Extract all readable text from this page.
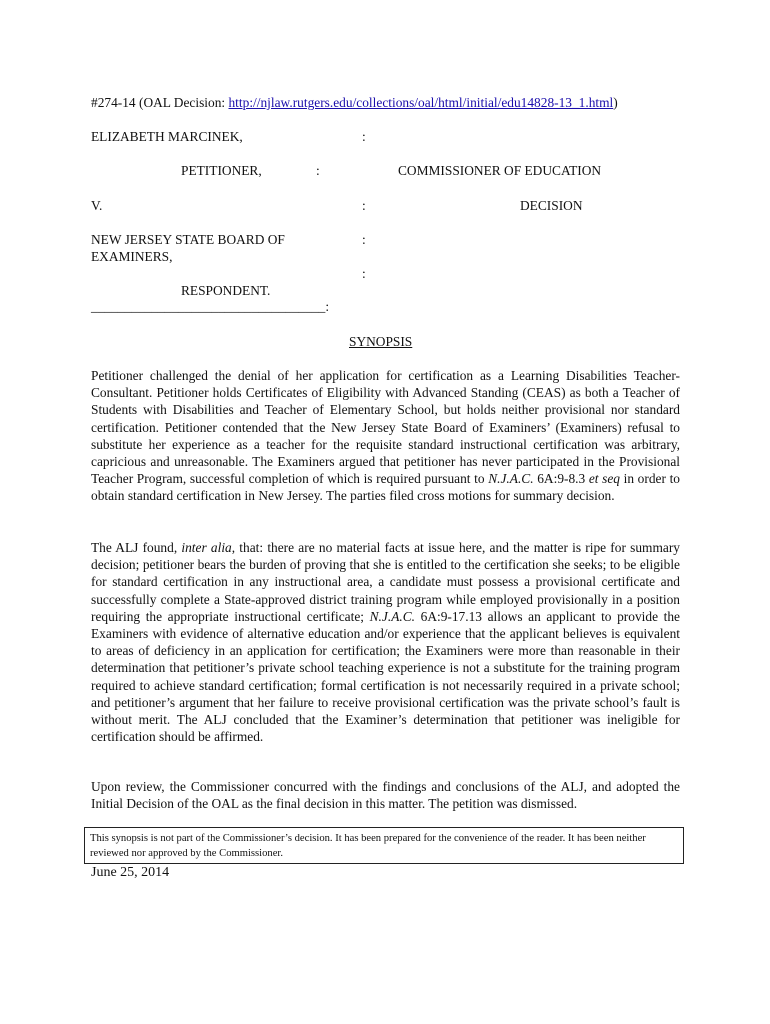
#274-14 (OAL Decision: http://njlaw.rutgers.edu/collections/oal/html/initial/edu14828-13_1.html)
ELIZABETH MARCINEK,	:
PETITIONER,	:	COMMISSIONER OF EDUCATION
V.	:	DECISION
NEW JERSEY STATE BOARD OF	:
EXAMINERS,
:
RESPONDENT.
___________________________________:
SYNOPSIS
Petitioner challenged the denial of her application for certification as a Learning Disabilities Teacher-Consultant. Petitioner holds Certificates of Eligibility with Advanced Standing (CEAS) as both a Teacher of Students with Disabilities and Teacher of Elementary School, but holds neither provisional nor standard certification. Petitioner contended that the New Jersey State Board of Examiners’ (Examiners) refusal to substitute her experience as a teacher for the requisite standard instructional certification was arbitrary, capricious and unreasonable. The Examiners argued that petitioner has never participated in the Provisional Teacher Program, successful completion of which is required pursuant to N.J.A.C. 6A:9-8.3 et seq in order to obtain standard certification in New Jersey. The parties filed cross motions for summary decision.
The ALJ found, inter alia, that: there are no material facts at issue here, and the matter is ripe for summary decision; petitioner bears the burden of proving that she is entitled to the certification she seeks; to be eligible for standard certification in any instructional area, a candidate must possess a provisional certificate and successfully complete a State-approved district training program while employed provisionally in a position requiring the appropriate instructional certificate; N.J.A.C. 6A:9-17.13 allows an applicant to provide the Examiners with evidence of alternative education and/or experience that the applicant believes is equivalent to areas of deficiency in an application for certification; the Examiners were more than reasonable in their determination that petitioner’s private school teaching experience is not a substitute for the training program required to achieve standard certification; formal certification is not necessarily required in a private school; and petitioner’s argument that her failure to receive provisional certification was the private school’s fault is without merit. The ALJ concluded that the Examiner’s determination that petitioner was ineligible for certification should be affirmed.
Upon review, the Commissioner concurred with the findings and conclusions of the ALJ, and adopted the Initial Decision of the OAL as the final decision in this matter. The petition was dismissed.
This synopsis is not part of the Commissioner’s decision. It has been prepared for the convenience of the reader. It has been neither reviewed nor approved by the Commissioner.
June 25, 2014
